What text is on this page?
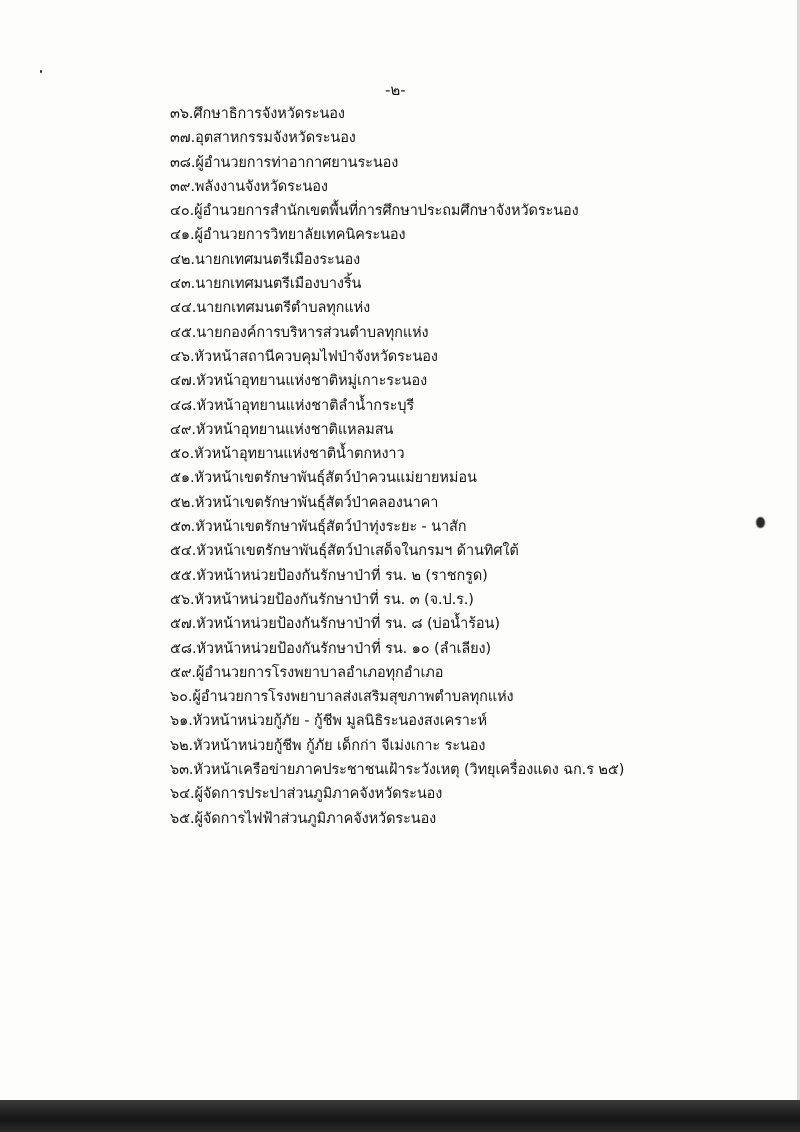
-๒-
๓๖.ศึกษาธิการจังหวัดระนอง
๓๗.อุตสาหกรรมจังหวัดระนอง
๓๘.ผู้อำนวยการท่าอากาศยานระนอง
๓๙.พลังงานจังหวัดระนอง
๔๐.ผู้อำนวยการสำนักเขตพื้นที่การศึกษาประถมศึกษาจังหวัดระนอง
๔๑.ผู้อำนวยการวิทยาลัยเทคนิคระนอง
๔๒.นายกเทศมนตรีเมืองระนอง
๔๓.นายกเทศมนตรีเมืองบางริ้น
๔๔.นายกเทศมนตรีตำบลทุกแห่ง
๔๕.นายกองค์การบริหารส่วนตำบลทุกแห่ง
๔๖.หัวหน้าสถานีควบคุมไฟป่าจังหวัดระนอง
๔๗.หัวหน้าอุทยานแห่งชาติหมู่เกาะระนอง
๔๘.หัวหน้าอุทยานแห่งชาติลำน้ำกระบุรี
๔๙.หัวหน้าอุทยานแห่งชาติแหลมสน
๕๐.หัวหน้าอุทยานแห่งชาติน้ำตกหงาว
๕๑.หัวหน้าเขตรักษาพันธุ์สัตว์ป่าควนแม่ยายหม่อน
๕๒.หัวหน้าเขตรักษาพันธุ์สัตว์ป่าคลองนาคา
๕๓.หัวหน้าเขตรักษาพันธุ์สัตว์ป่าทุ่งระยะ - นาสัก
๕๔.หัวหน้าเขตรักษาพันธุ์สัตว์ป่าเสด็จในกรมฯ ด้านทิศใต้
๕๕.หัวหน้าหน่วยป้องกันรักษาป่าที่ รน. ๒ (ราชกรูด)
๕๖.หัวหน้าหน่วยป้องกันรักษาป่าที่ รน. ๓ (จ.ป.ร.)
๕๗.หัวหน้าหน่วยป้องกันรักษาป่าที่ รน. ๘ (บ่อน้ำร้อน)
๕๘.หัวหน้าหน่วยป้องกันรักษาป่าที่ รน. ๑๐ (ลำเลียง)
๕๙.ผู้อำนวยการโรงพยาบาลอำเภอทุกอำเภอ
๖๐.ผู้อำนวยการโรงพยาบาลส่งเสริมสุขภาพตำบลทุกแห่ง
๖๑.หัวหน้าหน่วยกู้ภัย - กู้ชีพ มูลนิธิระนองสงเคราะห์
๖๒.หัวหน้าหน่วยกู้ชีพ กู้ภัย เด็กก่า จีเม่งเกาะ ระนอง
๖๓.หัวหน้าเครือข่ายภาคประชาชนเฝ้าระวังเหตุ (วิทยุเครื่องแดง ฉก.ร ๒๕)
๖๔.ผู้จัดการประปาส่วนภูมิภาคจังหวัดระนอง
๖๕.ผู้จัดการไฟฟ้าส่วนภูมิภาคจังหวัดระนอง
